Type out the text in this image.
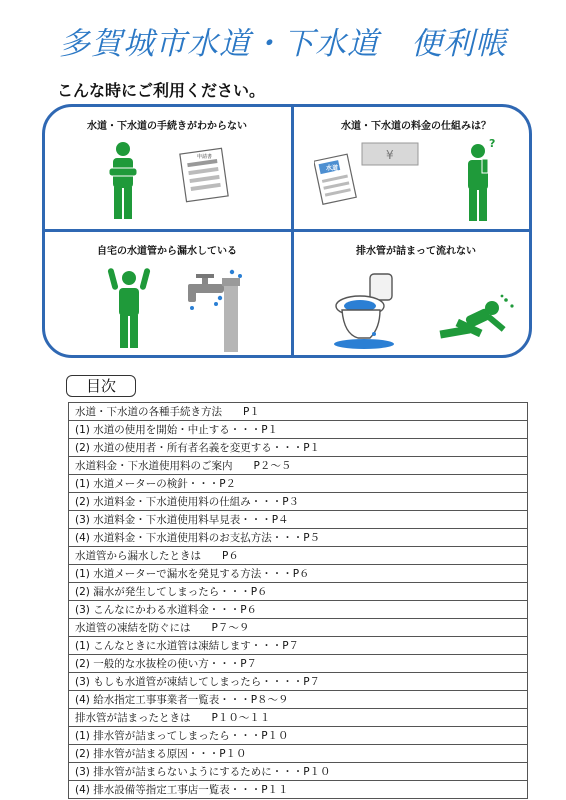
多賀城市水道・下水道　便利帳
こんな時にご利用ください。
水道・下水道の手続きがわからない
申請書
水道・下水道の料金の仕組みは？
水道
¥
?
自宅の水道管から漏水している	排水管が詰まって流れない
目次
水道・下水道の各種手続き方法　　P１
(1) 水道の使用を開始・中止する・・・P１
(2) 水道の使用者・所有者名義を変更する・・・P１
水道料金・下水道使用料のご案内　　P２～５
(1) 水道メーターの検針・・・P２
(2) 水道料金・下水道使用料の仕組み・・・P３
(3) 水道料金・下水道使用料早見表・・・P４
(4) 水道料金・下水道使用料のお支払方法・・・P５
水道管から漏水したときは　　P６
(1) 水道メーターで漏水を発見する方法・・・P６
(2) 漏水が発生してしまったら・・・P６
(3) こんなにかわる水道料金・・・P６
水道管の凍結を防ぐには　　P７～９
(1) こんなときに水道管は凍結します・・・P７
(2) 一般的な水抜栓の使い方・・・P７
(3) もしも水道管が凍結してしまったら・・・・P７
(4) 給水指定工事事業者一覧表・・・P８～９
排水管が詰まったときは　　P１０～１１
(1) 排水管が詰まってしまったら・・・P１０
(2) 排水管が詰まる原因・・・P１０
(3) 排水管が詰まらないようにするために・・・P１０
(4) 排水設備等指定工事店一覧表・・・P１１
